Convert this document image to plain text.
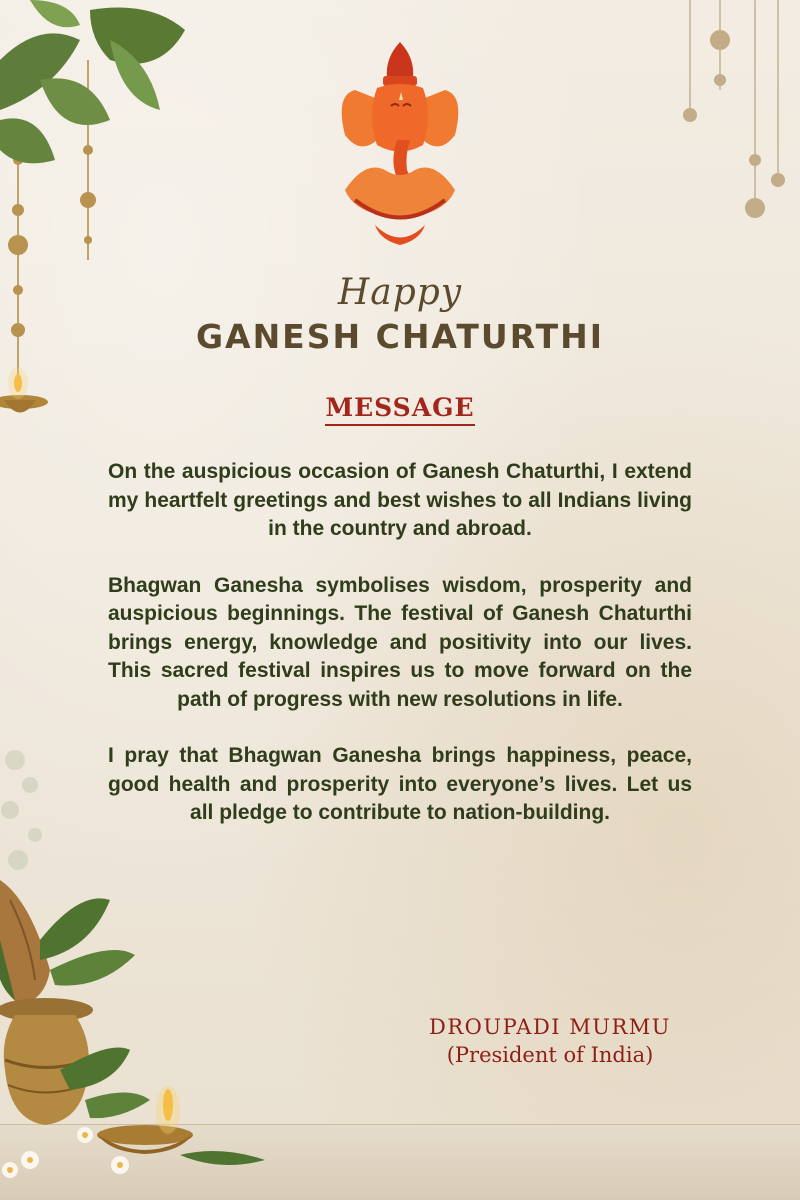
Happy
GANESH CHATURTHI
MESSAGE

On the auspicious occasion of Ganesh Chaturthi, I extend my heartfelt greetings and best wishes to all Indians living in the country and abroad.

Bhagwan Ganesha symbolises wisdom, prosperity and auspicious beginnings. The festival of Ganesh Chaturthi brings energy, knowledge and positivity into our lives. This sacred festival inspires us to move forward on the path of progress with new resolutions in life.

I pray that Bhagwan Ganesha brings happiness, peace, good health and prosperity into everyone’s lives. Let us all pledge to contribute to nation-building.

DROUPADI MURMU
(President of India)
